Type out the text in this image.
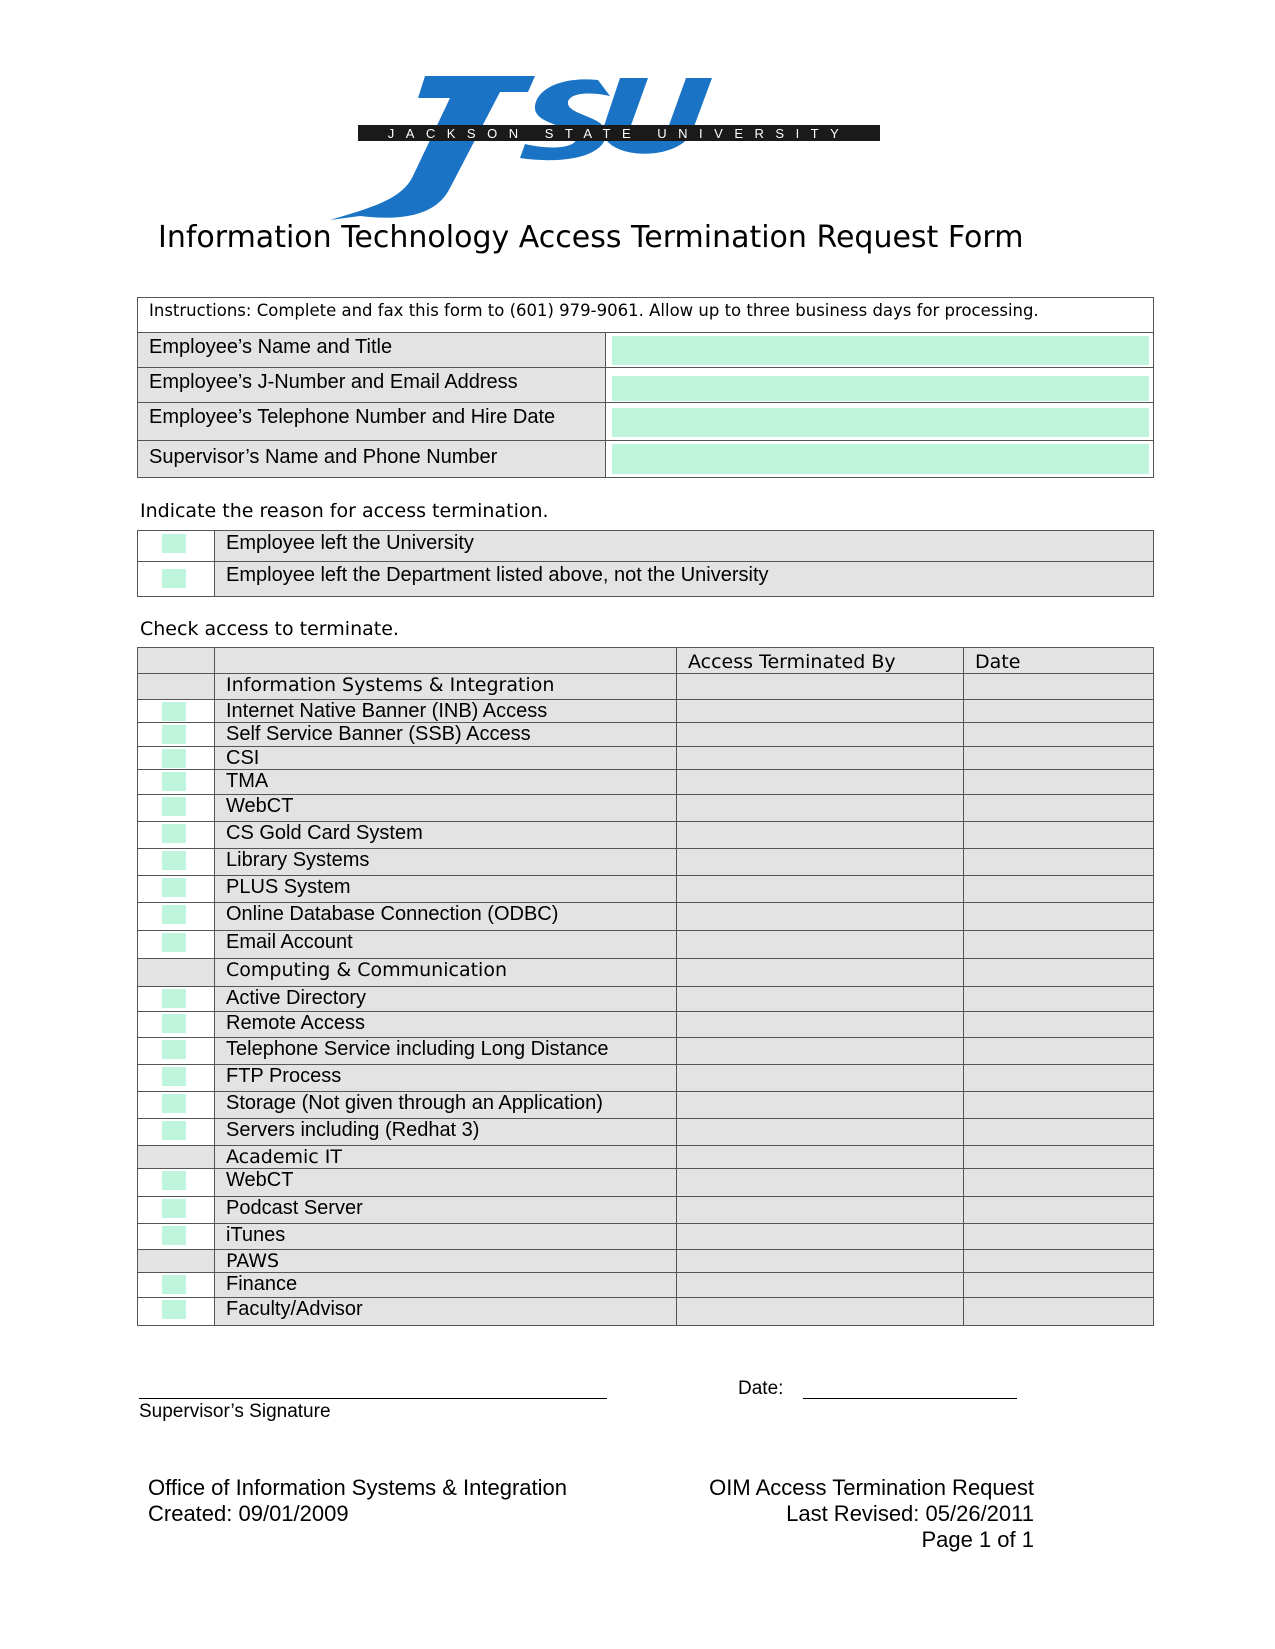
JACKSON STATE UNIVERSITY
Information Technology Access Termination Request Form
Instructions: Complete and fax this form to (601) 979-9061. Allow up to three business days for processing.	
Employee’s Name and Title	

Employee’s J-Number and Email Address	

Employee’s Telephone Number and Hire Date	

Supervisor’s Name and Phone Number	
Indicate the reason for access termination.
	Employee left the University

	Employee left the Department listed above, not the University
Check access to terminate.
		Access Terminated By	Date
	Information Systems & Integration		

	Internet Native Banner (INB) Access		

	Self Service Banner (SSB) Access		

	CSI		

	TMA		

	WebCT		

	CS Gold Card System		

	Library Systems		

	PLUS System		

	Online Database Connection (ODBC)		

	Email Account		
	Computing & Communication		

	Active Directory		

	Remote Access		

	Telephone Service including Long Distance		

	FTP Process		

	Storage (Not given through an Application)		

	Servers including (Redhat 3)		
	Academic IT		

	WebCT		

	Podcast Server		

	iTunes		
	PAWS		

	Finance		

	Faculty/Advisor		
Supervisor’s Signature
Date:
Office of Information Systems & Integration
Created: 09/01/2009
OIM Access Termination Request
Last Revised: 05/26/2011
Page 1 of 1
